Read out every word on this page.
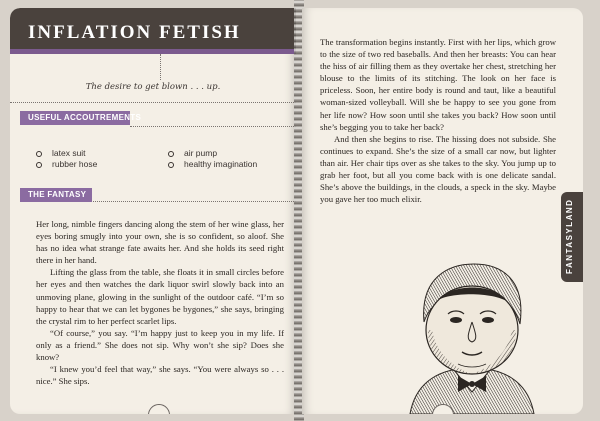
INFLATION FETISH
The desire to get blown . . . up.
USEFUL ACCOUTREMENTS
latex suit
rubber hose
air pump
healthy imagination
THE FANTASY

Her long, nimble fingers dancing along the stem of her wine glass, her eyes boring smugly into your own, she is so confident, so aloof. She has no idea what strange fate awaits her. And she holds its seed right there in her hand.

Lifting the glass from the table, she floats it in small circles before her eyes and then watches the dark liquor swirl slowly back into an unmoving plane, glowing in the sunlight of the outdoor café. “I’m so happy to hear that we can let bygones be bygones,” she says, bringing the crystal rim to her perfect scarlet lips.

“Of course,” you say. “I’m happy just to keep you in my life. If only as a friend.” She does not sip. Why won’t she sip? Does she know?

“I knew you’d feel that way,” she says. “You were always so . . . nice.” She sips.

The transformation begins instantly. First with her lips, which grow to the size of two red baseballs. And then her breasts: You can hear the hiss of air filling them as they overtake her chest, stretching her blouse to the limits of its stitching. The look on her face is priceless. Soon, her entire body is round and taut, like a beautiful woman-sized volleyball. Will she be happy to see you gone from her life now? How soon until she takes you back? How soon until she’s begging you to take her back?

And then she begins to rise. The hissing does not subside. She continues to expand. She’s the size of a small car now, but lighter than air. Her chair tips over as she takes to the sky. You jump up to grab her foot, but all you come back with is one delicate sandal. She’s above the buildings, in the clouds, a speck in the sky. Maybe you gave her too much elixir.	FANTASYLAND
